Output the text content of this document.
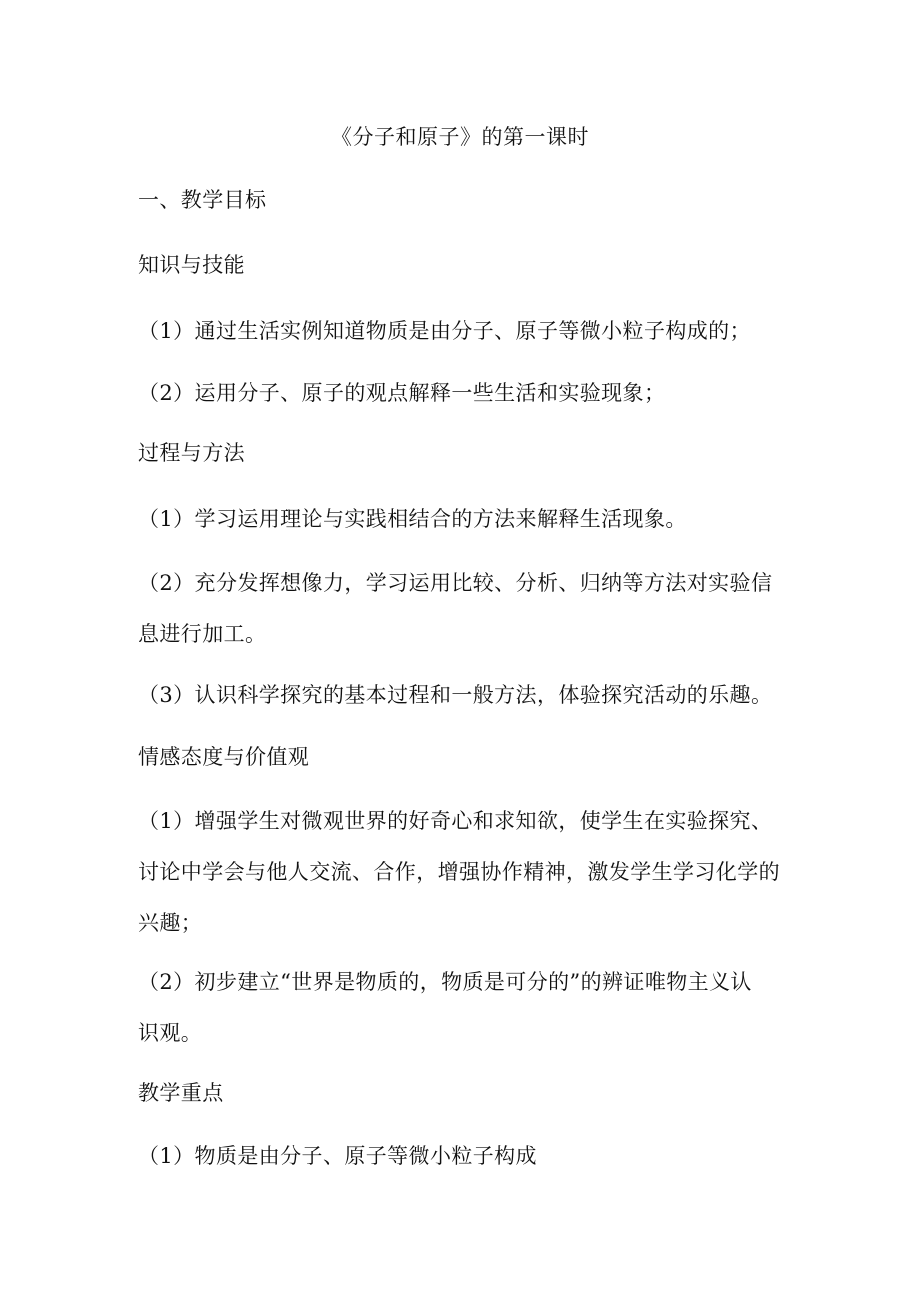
《分子和原子》的第一课时
一、教学目标
知识与技能
（1）通过生活实例知道物质是由分子、原子等微小粒子构成的；
（2）运用分子、原子的观点解释一些生活和实验现象；
过程与方法
（1）学习运用理论与实践相结合的方法来解释生活现象。
（2）充分发挥想像力，学习运用比较、分析、归纳等方法对实验信
息进行加工。
（3）认识科学探究的基本过程和一般方法，体验探究活动的乐趣。
情感态度与价值观
（1）增强学生对微观世界的好奇心和求知欲，使学生在实验探究、
讨论中学会与他人交流、合作，增强协作精神，激发学生学习化学的
兴趣；
（2）初步建立“世界是物质的，物质是可分的”的辨证唯物主义认
识观。
教学重点
（1）物质是由分子、原子等微小粒子构成
